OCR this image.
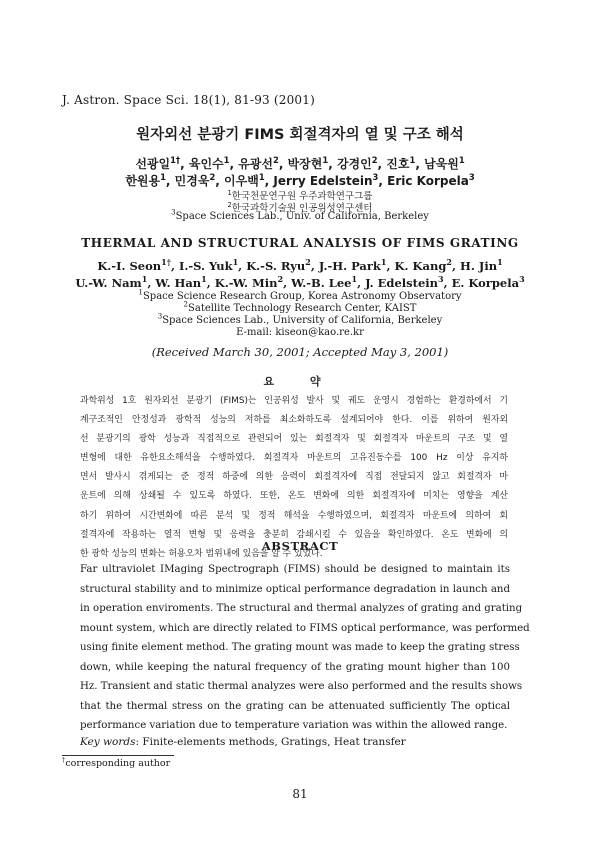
J. Astron. Space Sci. 18(1), 81-93 (2001)
원자외선 분광기 FIMS 회절격자의 열 및 구조 해석
선광일$^{1\dagger}$, 육인수$^1$, 유광선$^2$, 박장현$^1$, 강경인$^2$, 진호$^1$, 남욱원$^1$
한원용$^1$, 민경욱$^2$, 이우백$^1$, Jerry Edelstein$^3$, Eric Korpela$^3$
$^1$한국천문연구원 우주과학연구그룹
$^2$한국과학기술원 인공위성연구센터
$^3$Space Sciences Lab., Univ. of California, Berkeley
THERMAL AND STRUCTURAL ANALYSIS OF FIMS GRATING
K.-I. Seon$^{1\dagger}$, I.-S. Yuk$^1$, K.-S. Ryu$^2$, J.-H. Park$^1$, K. Kang$^2$, H. Jin$^1$
U.-W. Nam$^1$, W. Han$^1$, K.-W. Min$^2$, W.-B. Lee$^1$, J. Edelstein$^3$, E. Korpela$^3$
$^1$Space Science Research Group, Korea Astronomy Observatory
$^2$Satellite Technology Research Center, KAIST
$^3$Space Sciences Lab., University of California, Berkeley
E-mail: kiseon@kao.re.kr
(Received March 30, 2001; Accepted May 3, 2001)
요 약
과학위성 1호 원자외선 분광기 (FIMS)는 인공위성 발사 및 궤도 운영시 경험하는 환경하에서 기
계구조적인 안정성과 광학적 성능의 저하를 최소화하도록 설계되어야 한다. 이를 위하여 원자외
선 분광기의 광학 성능과 직접적으로 관련되어 있는 회절격자 및 회절격자 마운트의 구조 및 열
변형에 대한 유한요소해석을 수행하였다. 회절격자 마운트의 고유진동수를 100 Hz 이상 유지하
면서 발사시 겪게되는 준 정적 하중에 의한 응력이 회절격자에 직접 전달되지 않고 회절격자 마
운트에 의해 상쇄될 수 있도록 하였다. 또한, 온도 변화에 의한 회절격자에 미치는 영향을 계산
하기 위하여 시간변화에 따른 분석 및 정적 해석을 수행하였으며, 회절격자 마운트에 의하여 회
절격자에 작용하는 열적 변형 및 응력을 충분히 감쇄시킬 수 있음을 확인하였다. 온도 변화에 의
한 광학 성능의 변화는 허용오차 범위내에 있음을 알 수 있었다.
ABSTRACT
Far ultraviolet IMaging Spectrograph (FIMS) should be designed to maintain its
structural stability and to minimize optical performance degradation in launch and
in operation enviroments. The structural and thermal analyzes of grating and grating
mount system, which are directly related to FIMS optical performance, was performed
using finite element method. The grating mount was made to keep the grating stress
down, while keeping the natural frequency of the grating mount higher than 100
Hz. Transient and static thermal analyzes were also performed and the results shows
that the thermal stress on the grating can be attenuated sufficiently The optical
performance variation due to temperature variation was within the allowed range.
Key words: Finite-elements methods, Gratings, Heat transfer
†corresponding author
81
